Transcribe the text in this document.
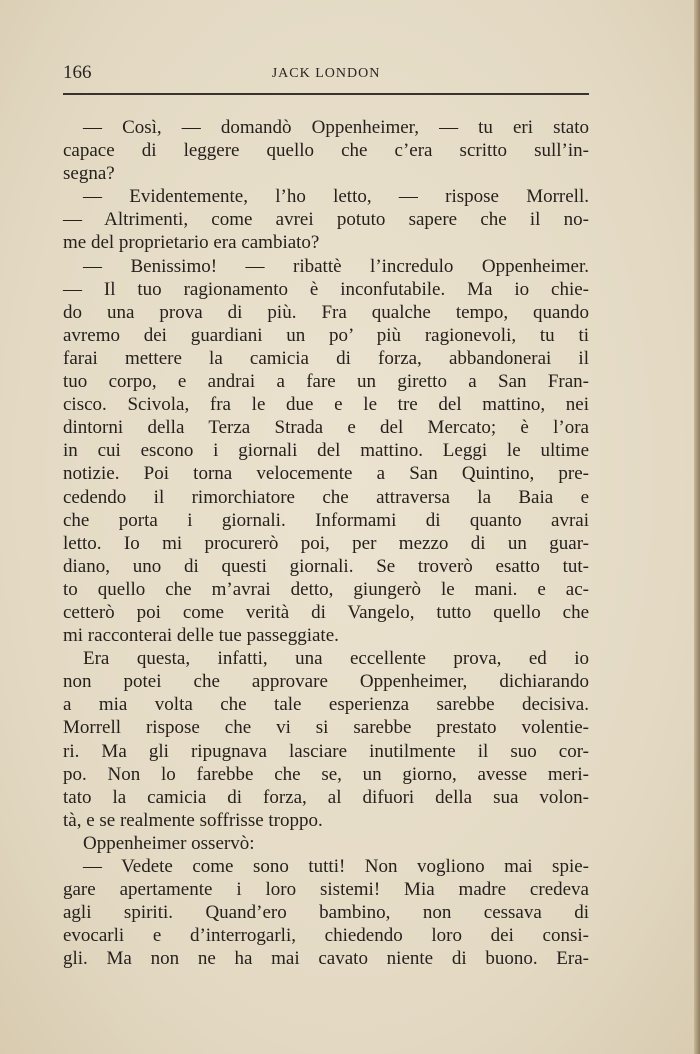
166	JACK LONDON
— Così, — domandò Oppenheimer, — tu eri stato
capace di leggere quello che c’era scritto sull’in-
segna?
— Evidentemente, l’ho letto, — rispose Morrell.
— Altrimenti, come avrei potuto sapere che il no-
me del proprietario era cambiato?
— Benissimo! — ribattè l’incredulo Oppenheimer.
— Il tuo ragionamento è inconfutabile. Ma io chie-
do una prova di più. Fra qualche tempo, quando
avremo dei guardiani un po’ più ragionevoli, tu ti
farai mettere la camicia di forza, abbandonerai il
tuo corpo, e andrai a fare un giretto a San Fran-
cisco. Scivola, fra le due e le tre del mattino, nei
dintorni della Terza Strada e del Mercato; è l’ora
in cui escono i giornali del mattino. Leggi le ultime
notizie. Poi torna velocemente a San Quintino, pre-
cedendo il rimorchiatore che attraversa la Baia e
che porta i giornali. Informami di quanto avrai
letto. Io mi procurerò poi, per mezzo di un guar-
diano, uno di questi giornali. Se troverò esatto tut-
to quello che m’avrai detto, giungerò le mani. e ac-
cetterò poi come verità di Vangelo, tutto quello che
mi racconterai delle tue passeggiate.
Era questa, infatti, una eccellente prova, ed io
non potei che approvare Oppenheimer, dichiarando
a mia volta che tale esperienza sarebbe decisiva.
Morrell rispose che vi si sarebbe prestato volentie-
ri. Ma gli ripugnava lasciare inutilmente il suo cor-
po. Non lo farebbe che se, un giorno, avesse meri-
tato la camicia di forza, al difuori della sua volon-
tà, e se realmente soffrisse troppo.
Oppenheimer osservò:
— Vedete come sono tutti! Non vogliono mai spie-
gare apertamente i loro sistemi! Mia madre credeva
agli spiriti. Quand’ero bambino, non cessava di
evocarli e d’interrogarli, chiedendo loro dei consi-
gli. Ma non ne ha mai cavato niente di buono. Era-
